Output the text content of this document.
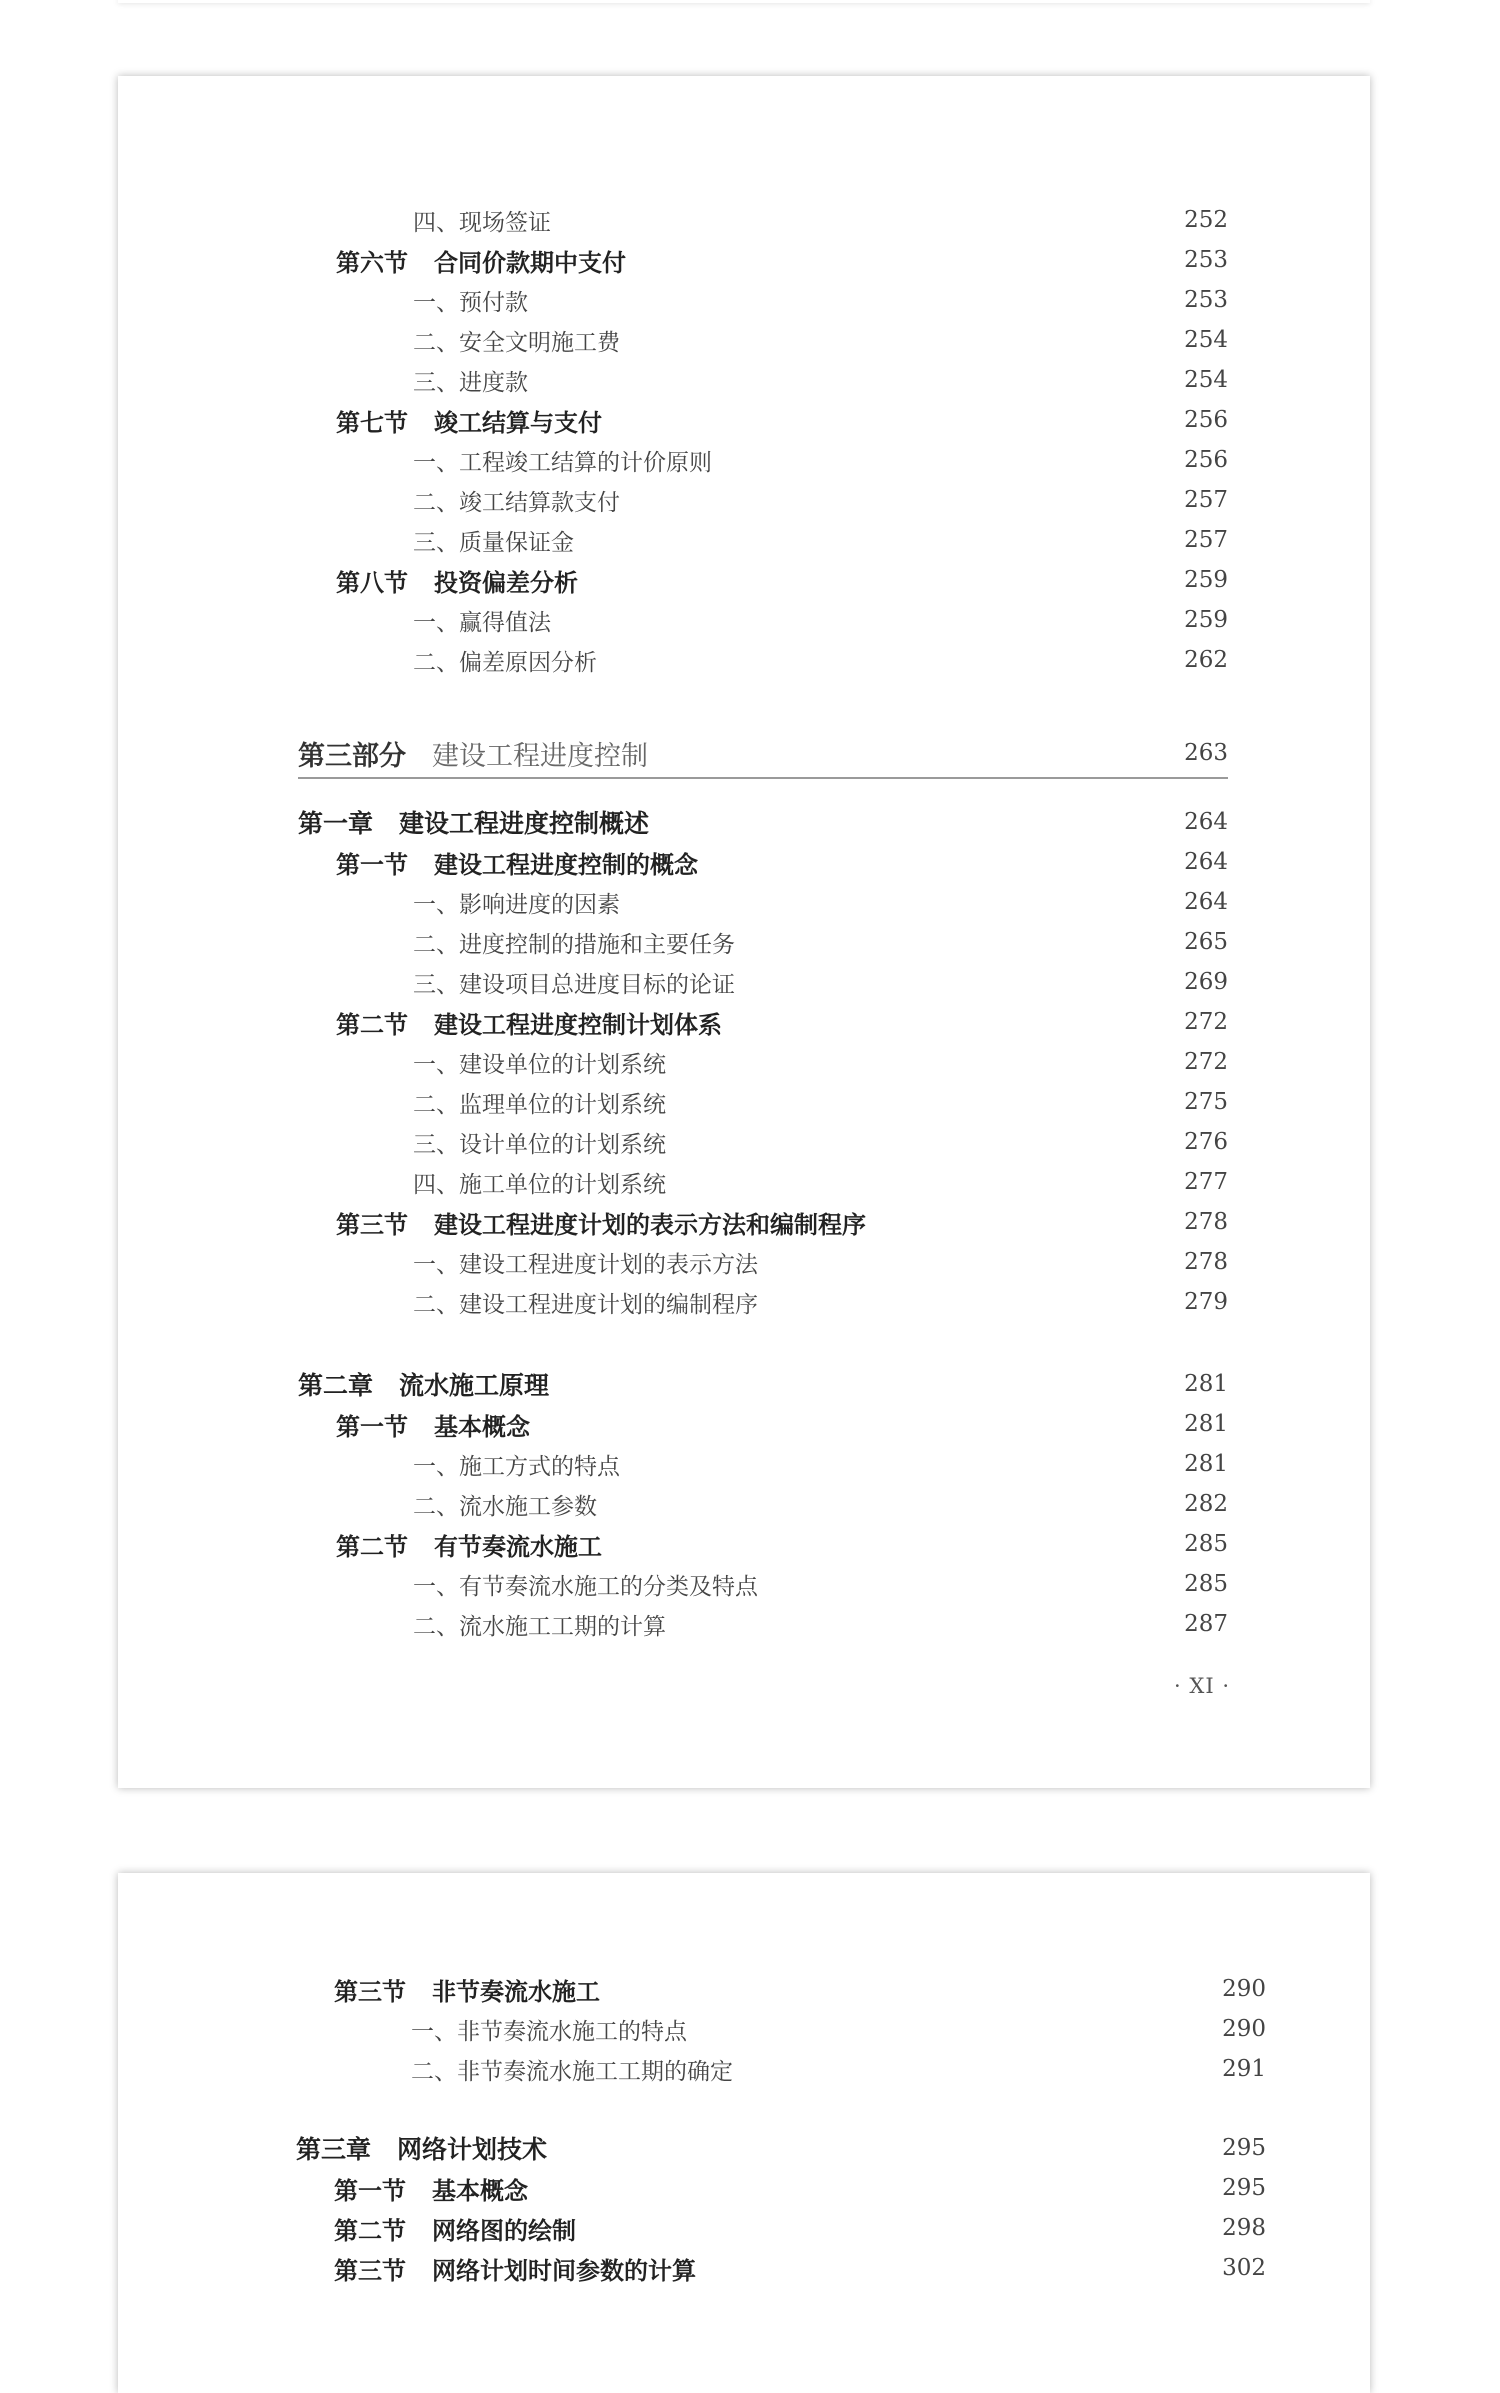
第三部分 建设工程进度控制	263
· XI ·
四、现场签证	252
第六节 合同价款期中支付	253
一、预付款	253
二、安全文明施工费	254
三、进度款	254
第七节 竣工结算与支付	256
一、工程竣工结算的计价原则	256
二、竣工结算款支付	257
三、质量保证金	257
第八节 投资偏差分析	259
一、赢得值法	259
二、偏差原因分析	262
第一章 建设工程进度控制概述	264
第一节 建设工程进度控制的概念	264
一、影响进度的因素	264
二、进度控制的措施和主要任务	265
三、建设项目总进度目标的论证	269
第二节 建设工程进度控制计划体系	272
一、建设单位的计划系统	272
二、监理单位的计划系统	275
三、设计单位的计划系统	276
四、施工单位的计划系统	277
第三节 建设工程进度计划的表示方法和编制程序	278
一、建设工程进度计划的表示方法	278
二、建设工程进度计划的编制程序	279
第二章 流水施工原理	281
第一节 基本概念	281
一、施工方式的特点	281
二、流水施工参数	282
第二节 有节奏流水施工	285
一、有节奏流水施工的分类及特点	285
二、流水施工工期的计算	287
第三节 非节奏流水施工	290
一、非节奏流水施工的特点	290
二、非节奏流水施工工期的确定	291
第三章 网络计划技术	295
第一节 基本概念	295
第二节 网络图的绘制	298
第三节 网络计划时间参数的计算	302
